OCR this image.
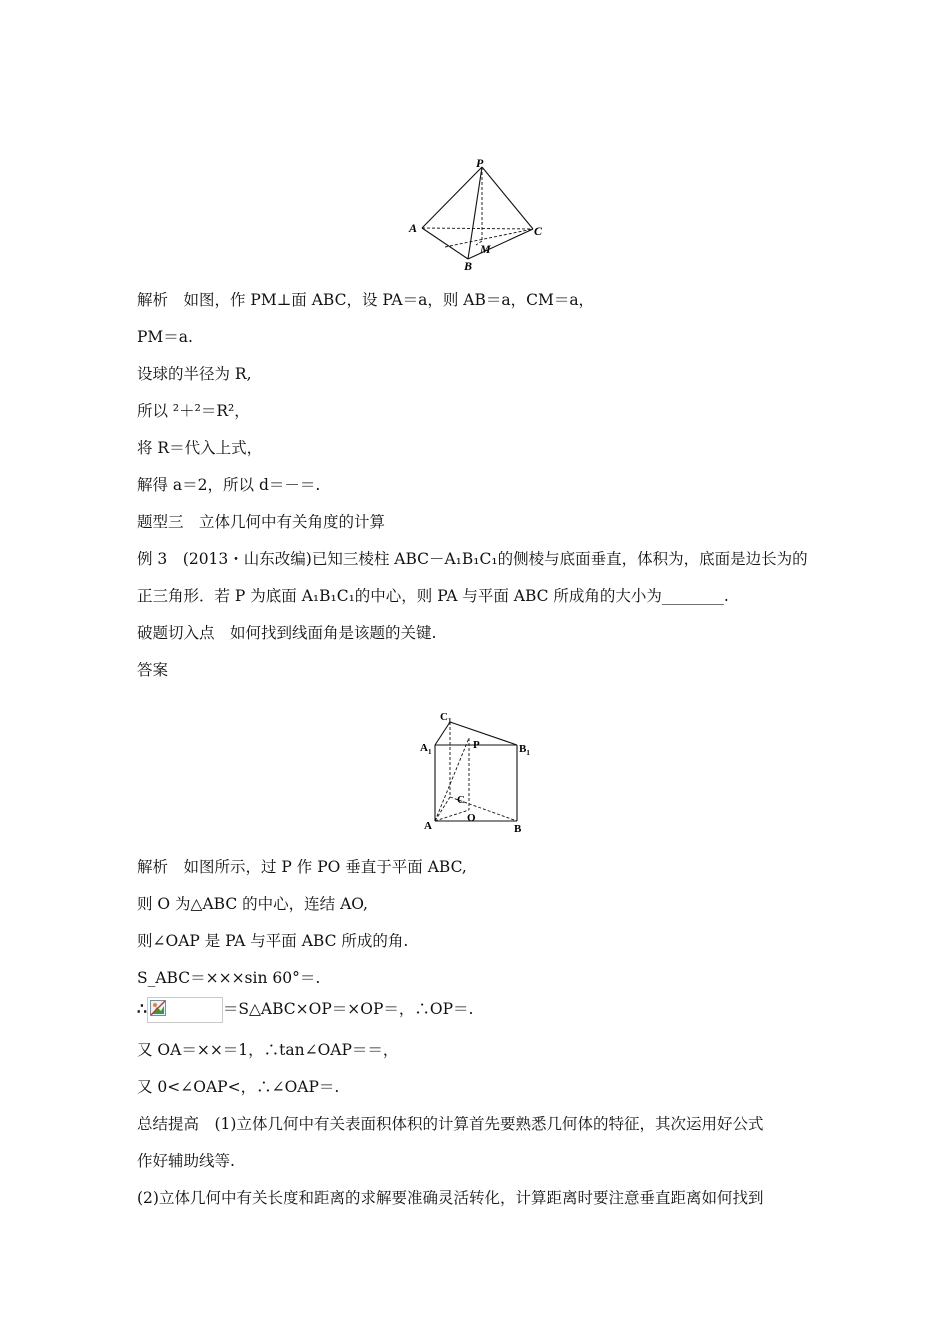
P
A	C
B
M
解析　如图，作 PM⊥面 ABC，设 PA＝a，则 AB＝a，CM＝a，
PM＝a.
设球的半径为 R,
所以 ²＋²＝R²，
将 R＝代入上式，
解得 a＝2，所以 d＝－＝.
题型三　立体几何中有关角度的计算
例 3　(2013・山东改编)已知三棱柱 ABC－A₁B₁C₁的侧棱与底面垂直，体积为，底面是边长为的
正三角形．若 P 为底面 A₁B₁C₁的中心，则 PA 与平面 ABC 所成角的大小为________.
破题切入点　如何找到线面角是该题的关键.
答案
$C_1$
$A_1$	$B_1$
P
C
A
O
B
解析　如图所示，过 P 作 PO 垂直于平面 ABC,
则 O 为△ABC 的中心，连结 AO,
则∠OAP 是 PA 与平面 ABC 所成的角.
S_ABC＝×××sin 60°＝.
∴	＝S△ABC×OP＝×OP＝，∴OP＝.
又 OA＝××＝1，∴tan∠OAP＝＝，
又 0<∠OAP<，∴∠OAP＝.
总结提高　(1)立体几何中有关表面积体积的计算首先要熟悉几何体的特征，其次运用好公式
作好辅助线等.
(2)立体几何中有关长度和距离的求解要准确灵活转化，计算距离时要注意垂直距离如何找到
